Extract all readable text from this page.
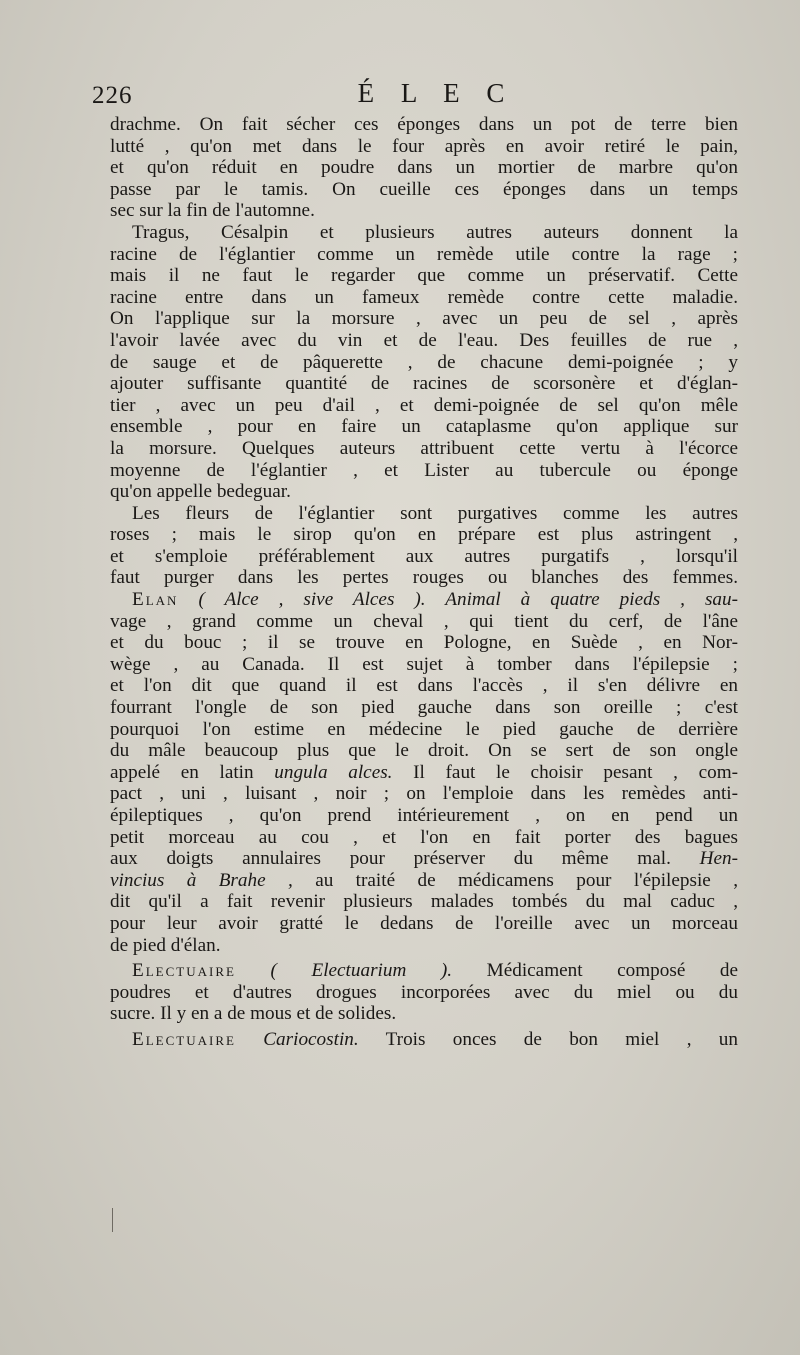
226	É L E C
drachme. On fait sécher ces éponges dans un pot de terre bien
lutté , qu'on met dans le four après en avoir retiré le pain,
et qu'on réduit en poudre dans un mortier de marbre qu'on
passe par le tamis. On cueille ces éponges dans un temps
sec sur la fin de l'automne.
Tragus, Césalpin et plusieurs autres auteurs donnent la
racine de l'églantier comme un remède utile contre la rage ;
mais il ne faut le regarder que comme un préservatif. Cette
racine entre dans un fameux remède contre cette maladie.
On l'applique sur la morsure , avec un peu de sel , après
l'avoir lavée avec du vin et de l'eau. Des feuilles de rue ,
de sauge et de pâquerette , de chacune demi-poignée ; y
ajouter suffisante quantité de racines de scorsonère et d'églan-
tier , avec un peu d'ail , et demi-poignée de sel qu'on mêle
ensemble , pour en faire un cataplasme qu'on applique sur
la morsure. Quelques auteurs attribuent cette vertu à l'écorce
moyenne de l'églantier , et Lister au tubercule ou éponge
qu'on appelle bedeguar.
Les fleurs de l'églantier sont purgatives comme les autres
roses ; mais le sirop qu'on en prépare est plus astringent ,
et s'emploie préférablement aux autres purgatifs , lorsqu'il
faut purger dans les pertes rouges ou blanches des femmes.
Elan ( Alce , sive Alces ). Animal à quatre pieds , sau-
vage , grand comme un cheval , qui tient du cerf, de l'âne
et du bouc ; il se trouve en Pologne, en Suède , en Nor-
wège , au Canada. Il est sujet à tomber dans l'épilepsie ;
et l'on dit que quand il est dans l'accès , il s'en délivre en
fourrant l'ongle de son pied gauche dans son oreille ; c'est
pourquoi l'on estime en médecine le pied gauche de derrière
du mâle beaucoup plus que le droit. On se sert de son ongle
appelé en latin ungula alces. Il faut le choisir pesant , com-
pact , uni , luisant , noir ; on l'emploie dans les remèdes anti-
épileptiques , qu'on prend intérieurement , on en pend un
petit morceau au cou , et l'on en fait porter des bagues
aux doigts annulaires pour préserver du même mal. Hen-
vincius à Brahe , au traité de médicamens pour l'épilepsie ,
dit qu'il a fait revenir plusieurs malades tombés du mal caduc ,
pour leur avoir gratté le dedans de l'oreille avec un morceau
de pied d'élan.
Electuaire ( Electuarium ). Médicament composé de
poudres et d'autres drogues incorporées avec du miel ou du
sucre. Il y en a de mous et de solides.
Electuaire Cariocostin. Trois onces de bon miel , un
